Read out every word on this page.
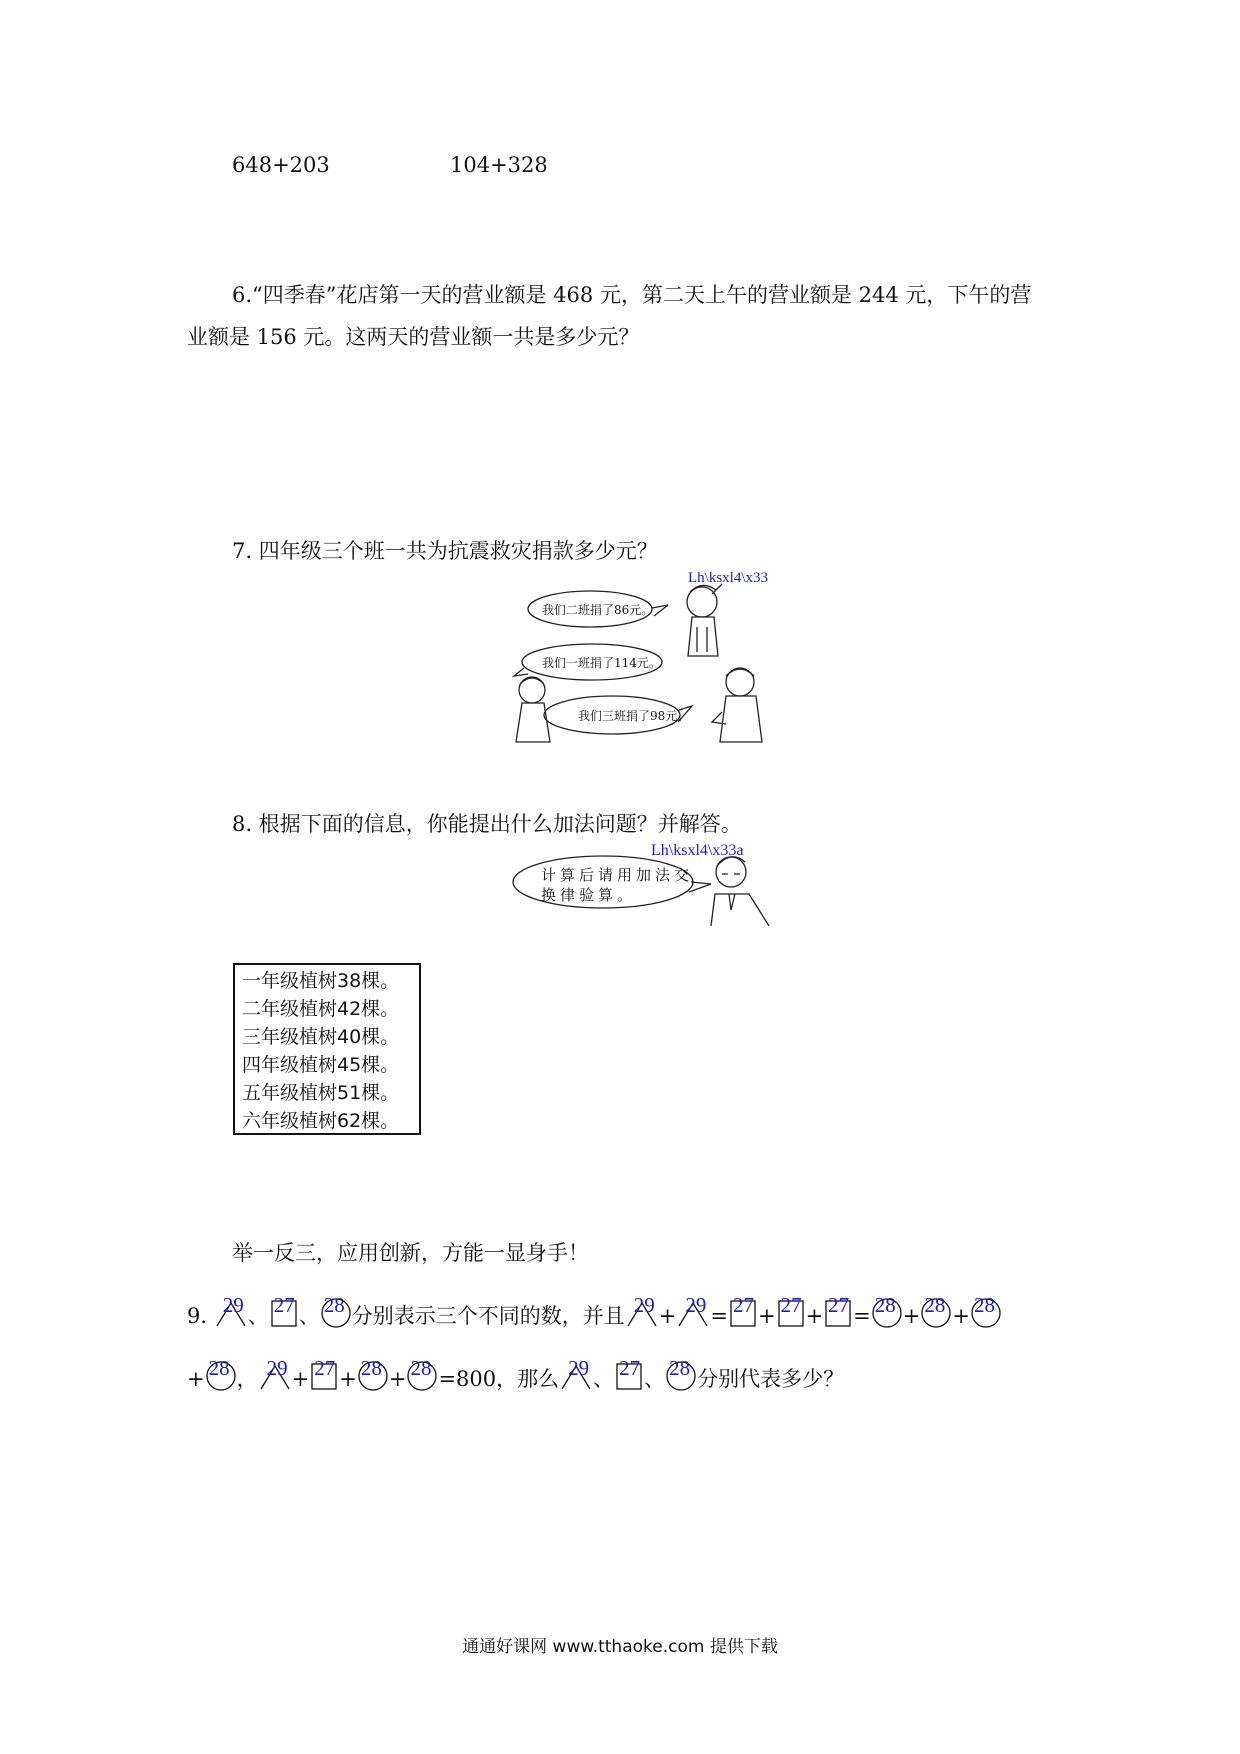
648+203	104+328
6.“四季春”花店第一天的营业额是 468 元，第二天上午的营业额是 244 元，下午的营
业额是 156 元。这两天的营业额一共是多少元？
7. 四年级三个班一共为抗震救灾捐款多少元？
Lh\ksxl4\x33
我们二班捐了86元。
我们一班捐了114元。
我们三班捐了98元。
8. 根据下面的信息，你能提出什么加法问题？并解答。
Lh\ksxl4\x33a
计算后请用加法交
换律验算。
一年级植树38棵。
二年级植树42棵。
三年级植树40棵。
四年级植树45棵。
五年级植树51棵。
六年级植树62棵。
举一反三，应用创新，方能一显身手！
9. 29 、 27 、 28 分别表示三个不同的数，并且 29 + 29 = 27 + 27 + 27 = 28 + 28 + 28
+ 28 ， 29 + 27 + 28 + 28 =800，那么 29 、 27 、 28 分别代表多少？
通通好课网 www.tthaoke.com 提供下载
